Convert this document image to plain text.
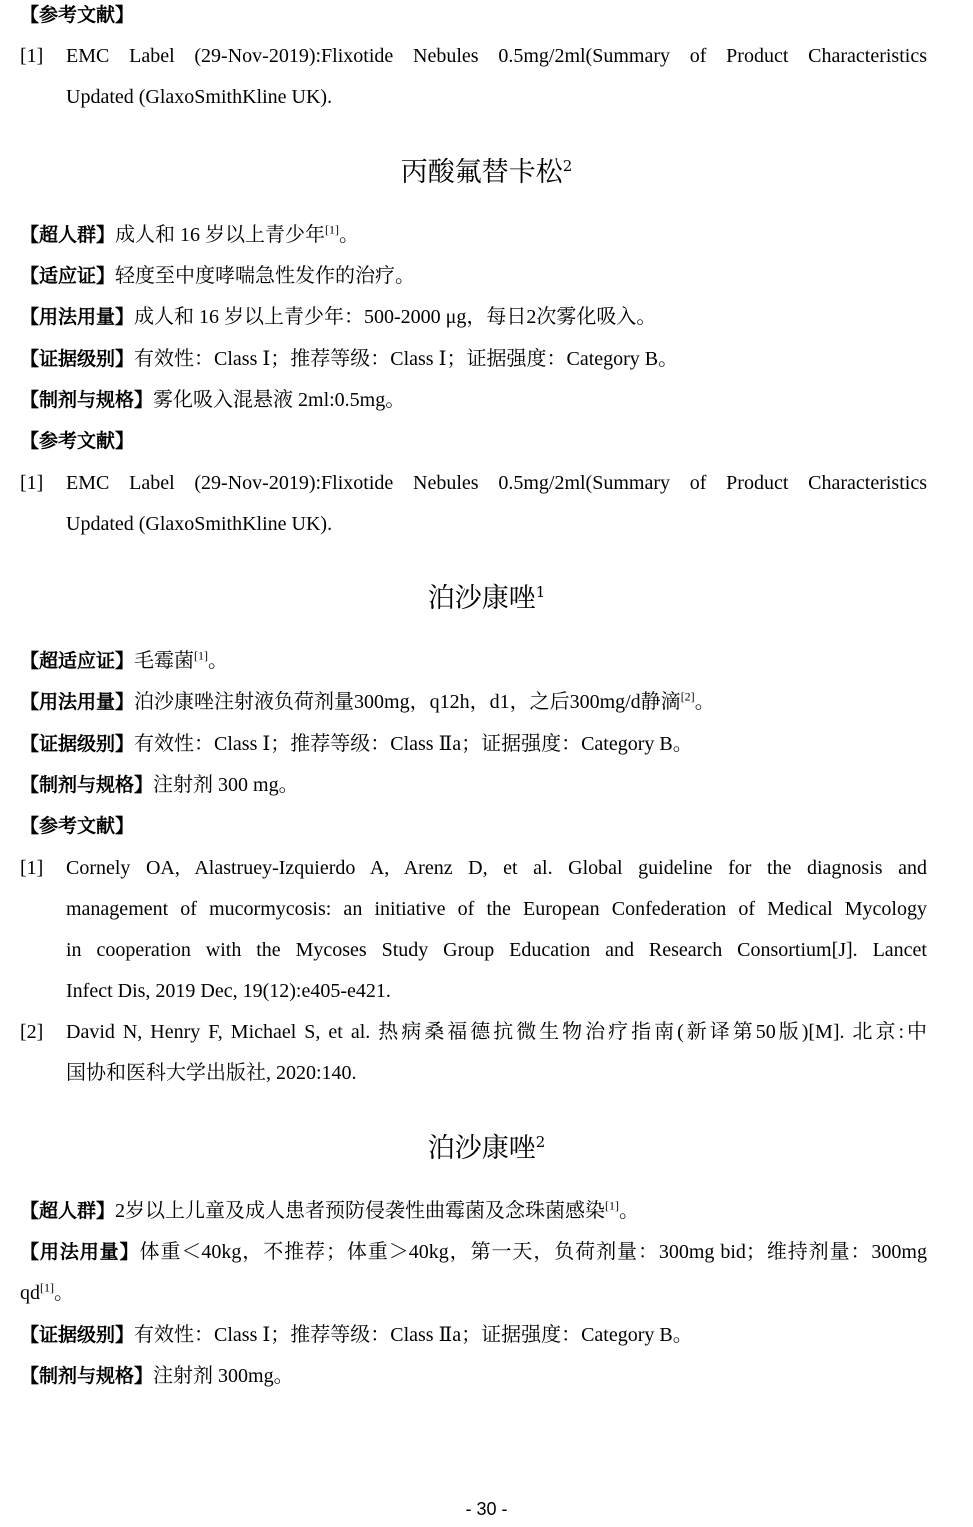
【参考文献】
[1] EMC Label (29-Nov-2019):Flixotide Nebules 0.5mg/2ml(Summary of Product Characteristics
Updated (GlaxoSmithKline UK).
丙酸氟替卡松$^2$
【超人群】成人和 16 岁以上青少年[1]。
【适应证】轻度至中度哮喘急性发作的治疗。
【用法用量】成人和 16 岁以上青少年：500-2000 μg，每日2次雾化吸入。
【证据级别】有效性：Class Ⅰ；推荐等级：Class Ⅰ；证据强度：Category B。
【制剂与规格】雾化吸入混悬液 2ml:0.5mg。
【参考文献】
[1] EMC Label (29-Nov-2019):Flixotide Nebules 0.5mg/2ml(Summary of Product Characteristics
Updated (GlaxoSmithKline UK).
泊沙康唑$^1$
【超适应证】毛霉菌[1]。
【用法用量】泊沙康唑注射液负荷剂量300mg，q12h，d1，之后300mg/d静滴[2]。
【证据级别】有效性：Class Ⅰ；推荐等级：Class Ⅱa；证据强度：Category B。
【制剂与规格】注射剂 300 mg。
【参考文献】
[1] Cornely OA, Alastruey-Izquierdo A, Arenz D, et al. Global guideline for the diagnosis and
management of mucormycosis: an initiative of the European Confederation of Medical Mycology
in cooperation with the Mycoses Study Group Education and Research Consortium[J]. Lancet
Infect Dis, 2019 Dec, 19(12):e405-e421.
[2] David N, Henry F, Michael S, et al. 热病桑福德抗微生物治疗指南(新译第50版)[M]. 北京:中
国协和医科大学出版社, 2020:140.
泊沙康唑$^2$
【超人群】2岁以上儿童及成人患者预防侵袭性曲霉菌及念珠菌感染[1]。
【用法用量】体重＜40kg，不推荐；体重＞40kg，第一天，负荷剂量：300mg bid；维持剂量：300mg
qd[1]。
【证据级别】有效性：Class Ⅰ；推荐等级：Class Ⅱa；证据强度：Category B。
【制剂与规格】注射剂 300mg。
- 30 -
